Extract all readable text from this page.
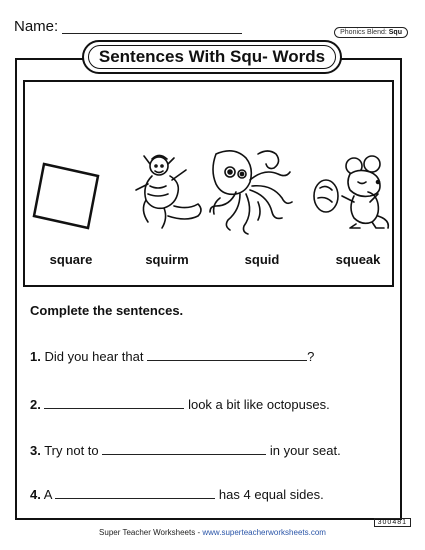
Name:	Phonics Blend: Squ
Sentences With Squ- Words
square	squirm	squid	squeak
Complete the sentences.
1. Did you hear that	?
2.	look a bit like octopuses.
3. Try not to	in your seat.
4. A	has 4 equal sides.
Super Teacher Worksheets - www.superteacherworksheets.com
300481
